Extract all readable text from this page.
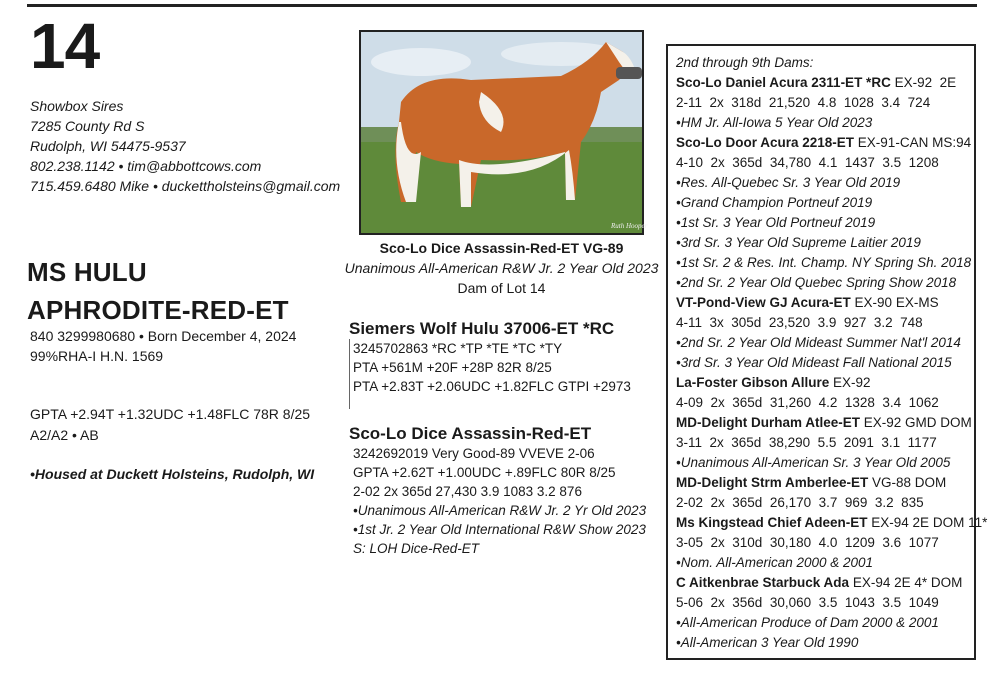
14
Showbox Sires
7285 County Rd S
Rudolph, WI 54475-9537
802.238.1142 • tim@abbottcows.com
715.459.6480 Mike • duckettholsteins@gmail.com
MS HULU
APHRODITE-RED-ET
840 3299980680 • Born December 4, 2024
99%RHA-I H.N. 1569
GPTA +2.94T +1.32UDC +1.48FLC 78R 8/25
A2/A2 • AB
•Housed at Duckett Holsteins, Rudolph, WI
Ruth Hooper
Sco-Lo Dice Assassin-Red-ET VG-89
Unanimous All-American R&W Jr. 2 Year Old 2023
Dam of Lot 14
Siemers Wolf Hulu 37006-ET *RC
3245702863 *RC *TP *TE *TC *TY
PTA +561M +20F +28P 82R 8/25
PTA +2.83T +2.06UDC +1.82FLC GTPI +2973
Sco-Lo Dice Assassin-Red-ET
3242692019 Very Good-89 VVEVE 2-06
GPTA +2.62T +1.00UDC +.89FLC 80R 8/25
2-02 2x 365d 27,430 3.9 1083 3.2 876
•Unanimous All-American R&W Jr. 2 Yr Old 2023
•1st Jr. 2 Year Old International R&W Show 2023
S: LOH Dice-Red-ET
2nd through 9th Dams:
Sco-Lo Daniel Acura 2311-ET *RC EX-92  2E
2-11  2x  318d  21,520  4.8  1028  3.4  724
•HM Jr. All-Iowa 5 Year Old 2023
Sco-Lo Door Acura 2218-ET EX-91-CAN MS:94
4-10  2x  365d  34,780  4.1  1437  3.5  1208
•Res. All-Quebec Sr. 3 Year Old 2019
•Grand Champion Portneuf 2019
•1st Sr. 3 Year Old Portneuf 2019
•3rd Sr. 3 Year Old Supreme Laitier 2019
•1st Sr. 2 & Res. Int. Champ. NY Spring Sh. 2018
•2nd Sr. 2 Year Old Quebec Spring Show 2018
VT-Pond-View GJ Acura-ET EX-90 EX-MS
4-11  3x  305d  23,520  3.9  927  3.2  748
•2nd Sr. 2 Year Old Mideast Summer Nat'l 2014
•3rd Sr. 3 Year Old Mideast Fall National 2015
La-Foster Gibson Allure EX-92
4-09  2x  365d  31,260  4.2  1328  3.4  1062
MD-Delight Durham Atlee-ET EX-92 GMD DOM
3-11  2x  365d  38,290  5.5  2091  3.1  1177
•Unanimous All-American Sr. 3 Year Old 2005
MD-Delight Strm Amberlee-ET VG-88 DOM
2-02  2x  365d  26,170  3.7  969  3.2  835
Ms Kingstead Chief Adeen-ET EX-94 2E DOM 11*
3-05  2x  310d  30,180  4.0  1209  3.6  1077
•Nom. All-American 2000 & 2001
C Aitkenbrae Starbuck Ada EX-94 2E 4* DOM
5-06  2x  356d  30,060  3.5  1043  3.5  1049
•All-American Produce of Dam 2000 & 2001
•All-American 3 Year Old 1990
